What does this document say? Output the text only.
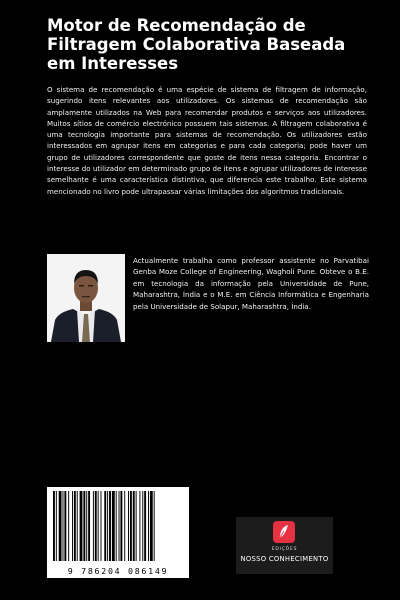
Motor de Recomendação de Filtragem Colaborativa Baseada em Interesses
O sistema de recomendação é uma espécie de sistema de filtragem de informação, sugerindo itens relevantes aos utilizadores. Os sistemas de recomendação são amplamente utilizados na Web para recomendar produtos e serviços aos utilizadores. Muitos sítios de comércio electrónico possuem tais sistemas. A filtragem colaborativa é uma tecnologia importante para sistemas de recomendação. Os utilizadores estão interessados em agrupar itens em categorias e para cada categoria; pode haver um grupo de utilizadores correspondente que goste de itens nessa categoria. Encontrar o interesse do utilizador em determinado grupo de itens e agrupar utilizadores de interesse semelhante é uma característica distintiva, que diferencia este trabalho. Este sistema mencionado no livro pode ultrapassar várias limitações dos algoritmos tradicionais.
Actualmente trabalha como professor assistente no Parvatibai Genba Moze College of Engineering, Wagholi Pune. Obteve o B.E. em tecnologia da informação pela Universidade de Pune, Maharashtra, Índia e o M.E. em Ciência Informática e Engenharia pela Universidade de Solapur, Maharashtra, Índia.
9 786204 086149
EDIÇÕES
NOSSO CONHECIMENTO
